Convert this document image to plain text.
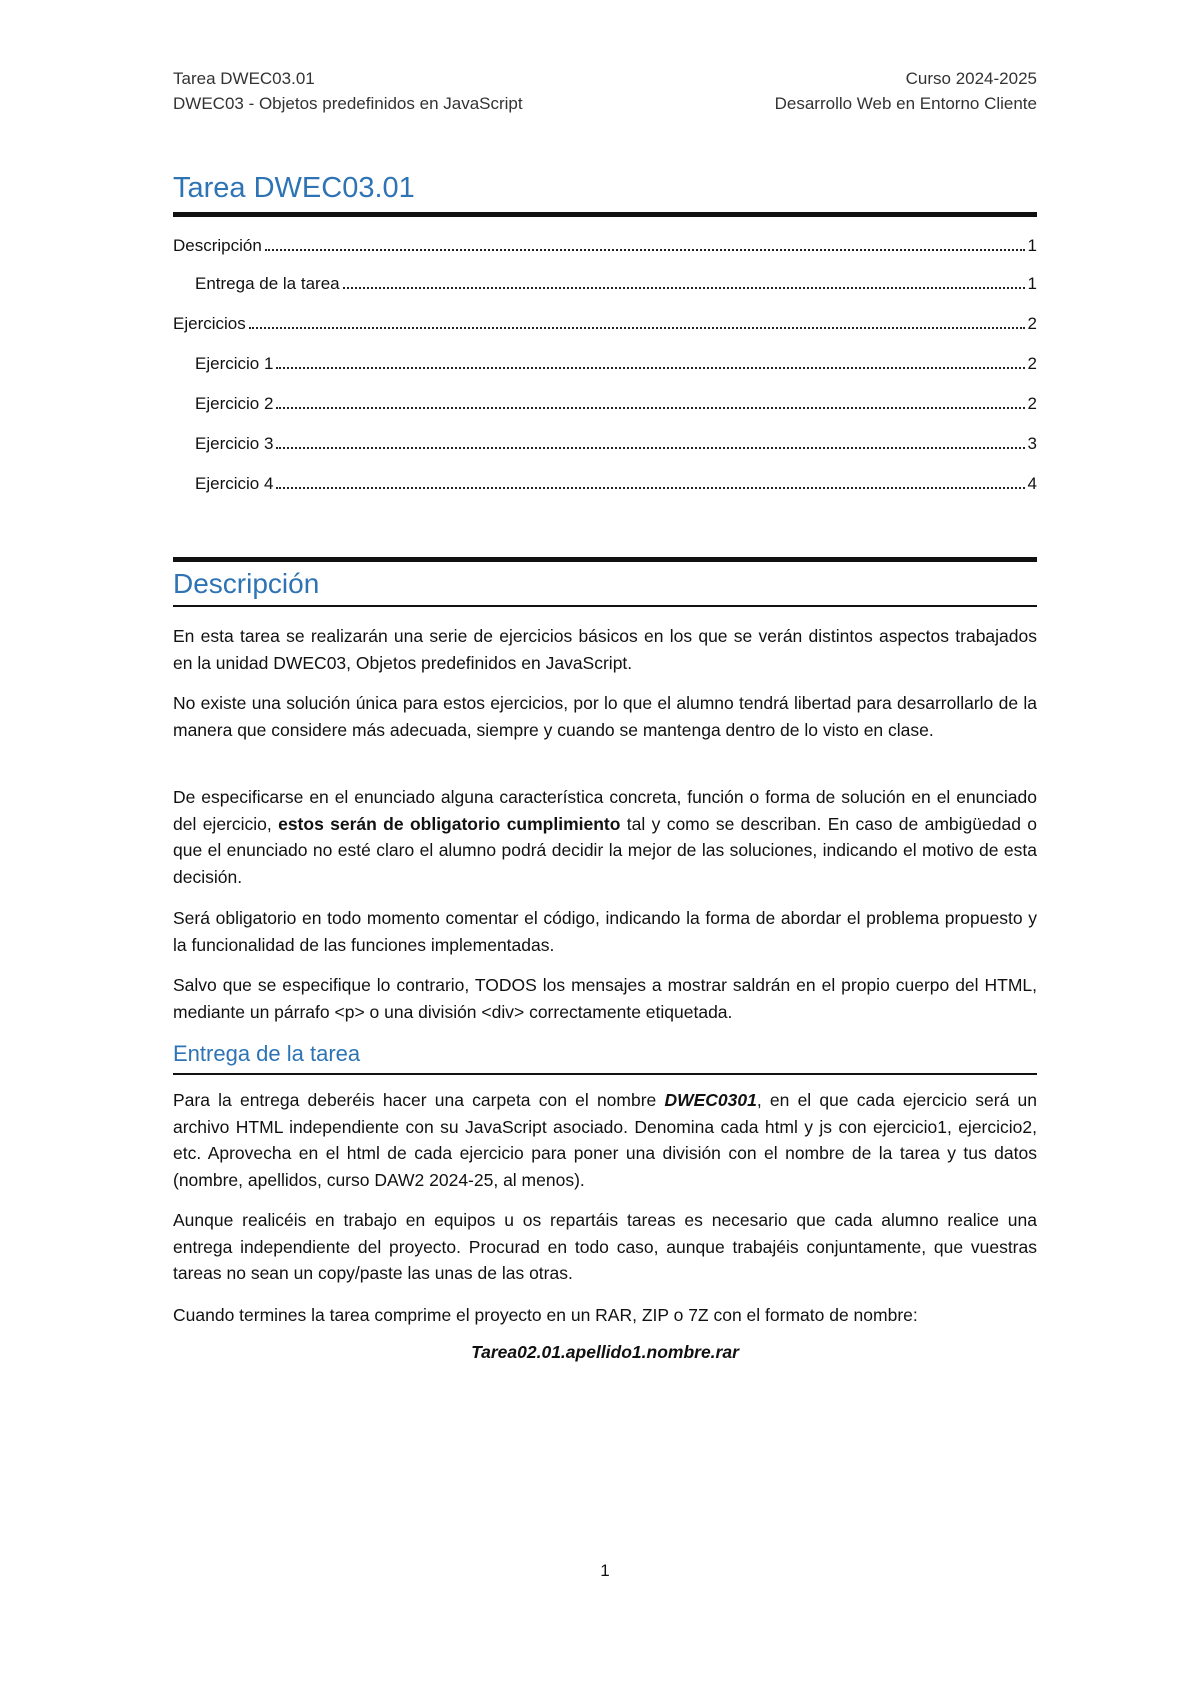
Tarea DWEC03.01	Curso 2024-2025
DWEC03 - Objetos predefinidos en JavaScript	Desarrollo Web en Entorno Cliente
Tarea DWEC03.01
Descripción	1
Entrega de la tarea	1
Ejercicios	2
Ejercicio 1	2
Ejercicio 2	2
Ejercicio 3	3
Ejercicio 4	4
Descripción
En esta tarea se realizarán una serie de ejercicios básicos en los que se verán distintos aspectos trabajados en la unidad DWEC03, Objetos predefinidos en JavaScript.
No existe una solución única para estos ejercicios, por lo que el alumno tendrá libertad para desarrollarlo de la manera que considere más adecuada, siempre y cuando se mantenga dentro de lo visto en clase.
De especificarse en el enunciado alguna característica concreta, función o forma de solución en el enunciado del ejercicio, estos serán de obligatorio cumplimiento tal y como se describan. En caso de ambigüedad o que el enunciado no esté claro el alumno podrá decidir la mejor de las soluciones, indicando el motivo de esta decisión.
Será obligatorio en todo momento comentar el código, indicando la forma de abordar el problema propuesto y la funcionalidad de las funciones implementadas.
Salvo que se especifique lo contrario, TODOS los mensajes a mostrar saldrán en el propio cuerpo del HTML, mediante un párrafo <p> o una división <div> correctamente etiquetada.
Entrega de la tarea
Para la entrega deberéis hacer una carpeta con el nombre DWEC0301, en el que cada ejercicio será un archivo HTML independiente con su JavaScript asociado. Denomina cada html y js con ejercicio1, ejercicio2, etc. Aprovecha en el html de cada ejercicio para poner una división con el nombre de la tarea y tus datos (nombre, apellidos, curso DAW2 2024-25, al menos).
Aunque realicéis en trabajo en equipos u os repartáis tareas es necesario que cada alumno realice una entrega independiente del proyecto. Procurad en todo caso, aunque trabajéis conjuntamente, que vuestras tareas no sean un copy/paste las unas de las otras.
Cuando termines la tarea comprime el proyecto en un RAR, ZIP o 7Z con el formato de nombre:
Tarea02.01.apellido1.nombre.rar
1
